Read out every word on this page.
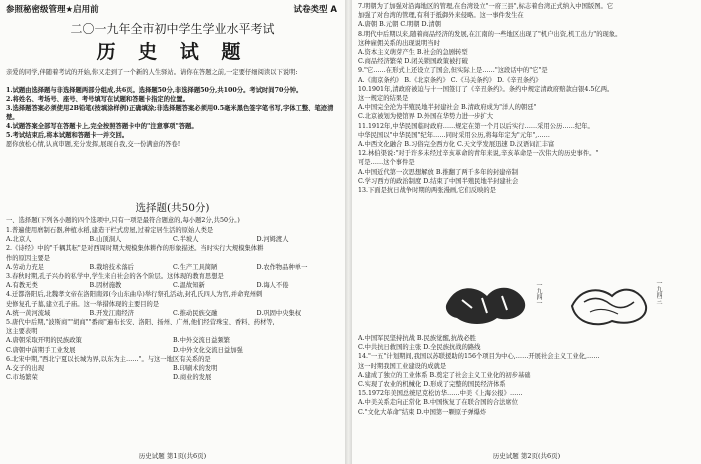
参照秘密级管理★启用前	试卷类型 A
二〇一九年全市初中学生学业水平考试
历 史 试 题
亲爱的同学,伴随着考试的开始,你又走到了一个新的人生驿站。请你在答题之前,一定要仔细阅读以下说明:
1.试题由选择题与非选择题两部分组成,共6页。选择题50分,非选择题50分,共100分。考试时间70分钟。
2.将姓名、考场号、座号、考号填写在试题和答题卡指定的位置。
3.选择题答案必须使用2B铅笔(按填涂样例)正确填涂;非选择题答案必须用0.5毫米黑色签字笔书写,字体工整、笔迹清楚。
4.试题答案全部写在答题卡上,完全按照答题卡中的"注意事项"答题。
5.考试结束后,将本试题和答题卡一并交回。
愿你放松心情,认真审题,充分发挥,展现自我,交一份满意的答卷!
选择题(共50分)
一、选择题(下列各小题的四个选项中,只有一项是最符合题意的,每小题2分,共50分。)
1.普遍使用磨制石器,种植水稻,建造干栏式房屋,过着定居生活的原始人类是
A.北京人	B.山顶洞人	C.半坡人	D.河姆渡人
2.《诗经》中的"千耦其耘"是对西周时期大规模集体耕作的形象描述。当时实行大规模集体耕
作的原因主要是
A.劳动力充足	B.栽培技术落后	C.生产工具简陋	D.农作物品种单一
3.春秋时期,孔子兴办的私学中,学生来自社会的各个阶层。这体现的教育思想是
A.有教无类	B.因材施教	C.温故知新	D.诲人不倦
4.迁都洛阳后,北魏孝文帝在洛阳南郊(今山东曲阜)举行祭孔活动,封孔氏四人为官,并命兖州刺
史修复孔子墓,建立孔子庙。这一举措体现的主要目的是
A.统一黄河流域	B.开发江南经济	C.推动民族交融	D.巩固中央集权
5.唐代中后期,"波斯商""胡商""番商"遍布长安、洛阳、扬州、广州,他们经营珠宝、香料、药材等,
这主要表明
A.唐朝采取开明的民族政策	B.中外交流日益频繁
C.唐朝中前期手工业发展	D.中外文化交流日益加强
6.北宋中期,"西北宁夏以长城为界,以东为主……"。与这一地区有关系的是
A.交子的出现	B.印刷术的发明
C.市场繁荣	D.商业的发展
历史试题 第1页(共6页)
7.明朝为了加强对沿海地区的管理,在台湾设立"一府三县",标志着台湾正式纳入中国版图。它
加强了对台湾的管理,有利于抵御外来侵略。这一事件发生在
A.唐朝 B.元朝 C.明朝 D.清朝
8.明代中后期以来,随着商品经济的发展,在江南的一些地区出现了"机户出资,机工出力"的现象。
这种雇佣关系的出现说明当时
A.资本主义萌芽产生 B.社会的急剧转型
C.商品经济繁荣 D.闭关锁国政策被打破
9."它……在形式上还设立了国会,但实际上是……"这段话中的"它"是
A.《南京条约》 B.《北京条约》 C.《马关条约》 D.《辛丑条约》
10.1901年,清政府被迫与十一国签订了《辛丑条约》。条约中规定清政府赔款白银4.5亿两。
这一规定的结果是
A.中国完全沦为半殖民地半封建社会 B.清政府成为"洋人的朝廷"
C.北京被划为使馆界 D.外国在华势力进一步扩大
11.1912年,中华民国临时政府……规定在第一个月以后实行……采用公历……纪年。
中华民国以"中华民国"纪年……同时采用公历,将每年定为"元年",……
A.中西文化融合 B.习俗完全西方化 C.天文学发展迅速 D.汉语词汇丰富
12.林伯渠说:"对于许多未经过辛亥革命的青年来说,辛亥革命是一次伟大的历史事件。"
可是……这个事件是
A.中国近代第一次思想解放 B.推翻了两千多年的封建帝制
C.学习西方的政治制度 D.结束了中国半殖民地半封建社会
13.下面是抗日战争时期的两张漫画,它们反映的是
一九四一	一九四三
A.中国军民坚持抗战 B.民族觉醒,抗战必胜
C.中共抗日救国的主张 D.全民族抗战的路线
14."一五"计划期间,我国以苏联援助的156个项目为中心,……开展社会主义工业化,……
这一时期我国工业建设的成就是
A.建成了独立的工业体系 B.奠定了社会主义工业化的初步基础
C.实现了农业的机械化 D.形成了完整的国民经济体系
15.1972年美国总统尼克松访华……中美《上海公报》……
A.中美关系走向正常化 B.中国恢复了在联合国的合法席位
C."文化大革命"结束 D.中国第一颗原子弹爆炸
历史试题 第2页(共6页)
